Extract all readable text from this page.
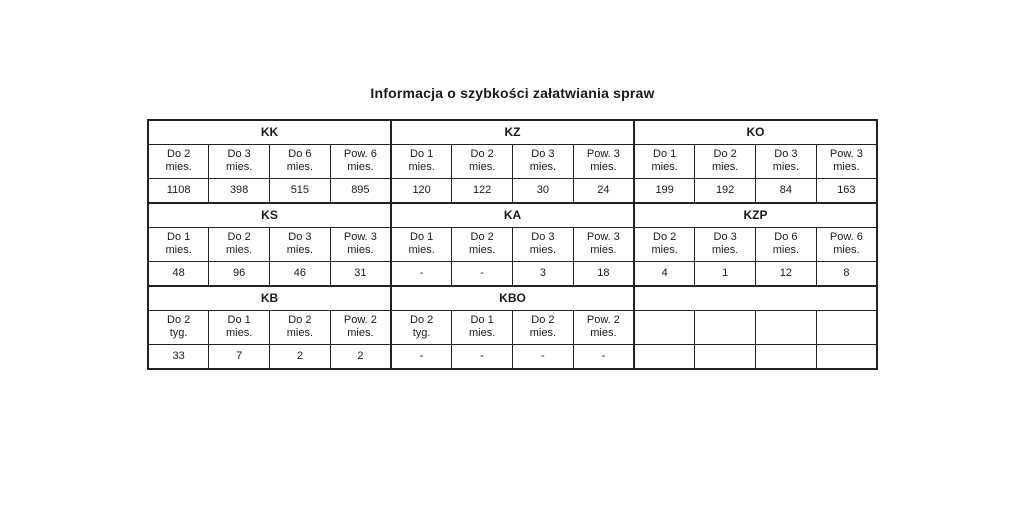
Informacja o szybkości załatwiania spraw
KK				KZ				KO			

Do 2
mies.	Do 3
mies.	Do 6
mies.	Pow. 6
mies.	Do 1
mies.	Do 2
mies.	Do 3
mies.	Pow. 3
mies.	Do 1
mies.	Do 2
mies.	Do 3
mies.	Pow. 3
mies.

1108	398	515	895	120	122	30	24	199	192	84	163
KS				KA				KZP			

Do 1
mies.	Do 2
mies.	Do 3
mies.	Pow. 3
mies.	Do 1
mies.	Do 2
mies.	Do 3
mies.	Pow. 3
mies.	Do 2
mies.	Do 3
mies.	Do 6
mies.	Pow. 6
mies.

48	96	46	31	-	-	3	18	4	1	12	8
KB				KBO							

Do 2
tyg.	Do 1
mies.	Do 2
mies.	Pow. 2
mies.	Do 2
tyg.	Do 1
mies.	Do 2
mies.	Pow. 2
mies.				

33	7	2	2	-	-	-	-				
